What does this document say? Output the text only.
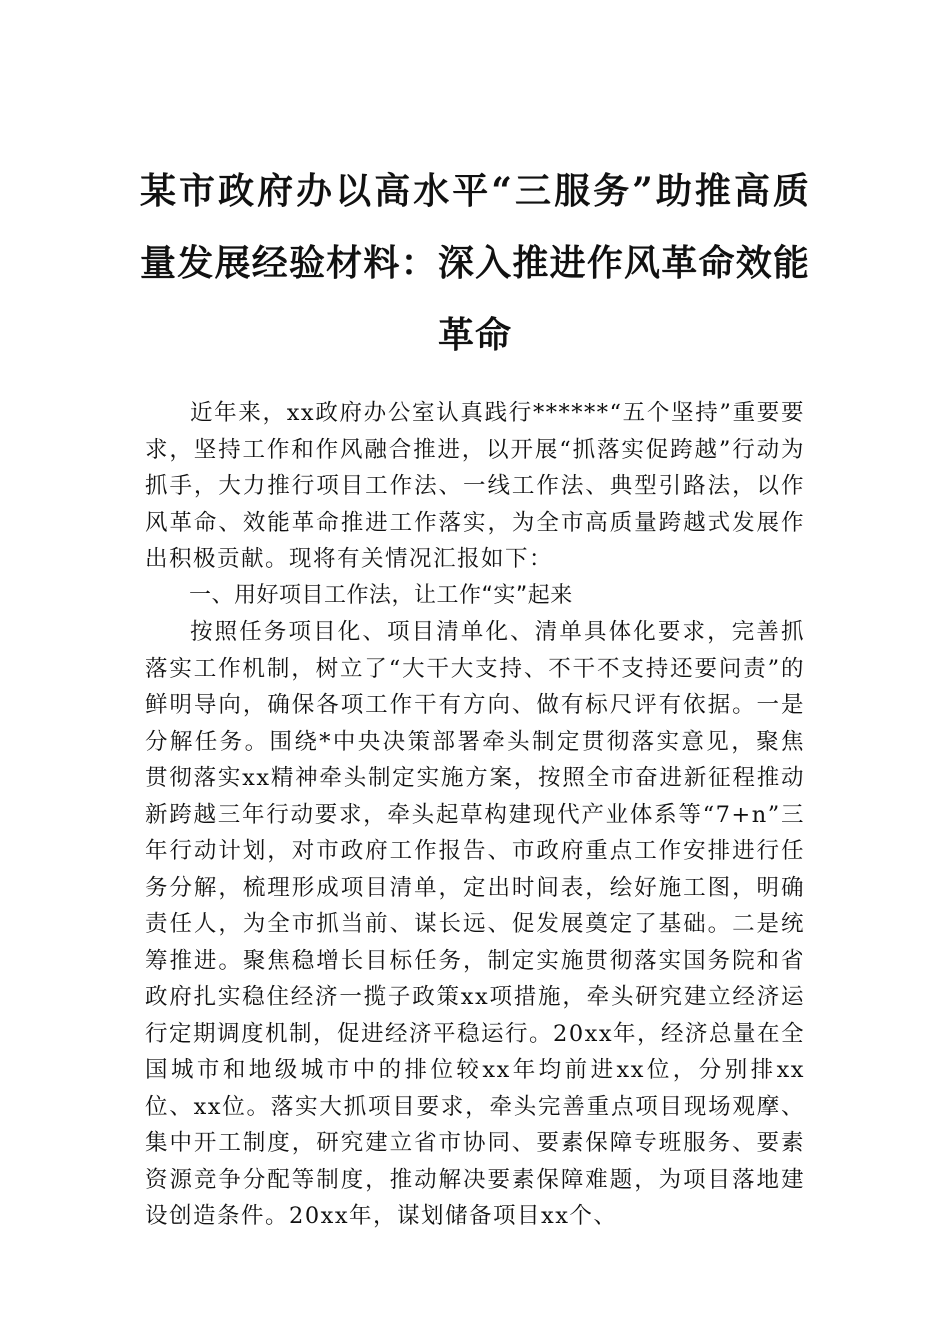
某市政府办以高水平“三服务”助推高质量发展经验材料：深入推进作风革命效能革命

近年来，xx政府办公室认真践行******“五个坚持”重要要求，坚持工作和作风融合推进，以开展“抓落实促跨越”行动为抓手，大力推行项目工作法、一线工作法、典型引路法，以作风革命、效能革命推进工作落实，为全市高质量跨越式发展作出积极贡献。现将有关情况汇报如下：

一、用好项目工作法，让工作“实”起来

按照任务项目化、项目清单化、清单具体化要求，完善抓落实工作机制，树立了“大干大支持、不干不支持还要问责”的鲜明导向，确保各项工作干有方向、做有标尺评有依据。一是分解任务。围绕*中央决策部署牵头制定贯彻落实意见，聚焦贯彻落实xx精神牵头制定实施方案，按照全市奋进新征程推动新跨越三年行动要求，牵头起草构建现代产业体系等“7+n”三年行动计划，对市政府工作报告、市政府重点工作安排进行任务分解，梳理形成项目清单，定出时间表，绘好施工图，明确责任人，为全市抓当前、谋长远、促发展奠定了基础。二是统筹推进。聚焦稳增长目标任务，制定实施贯彻落实国务院和省政府扎实稳住经济一揽子政策xx项措施，牵头研究建立经济运行定期调度机制，促进经济平稳运行。20xx年，经济总量在全国城市和地级城市中的排位较xx年均前进xx位，分别排xx位、xx位。落实大抓项目要求，牵头完善重点项目现场观摩、集中开工制度，研究建立省市协同、要素保障专班服务、要素资源竞争分配等制度，推动解决要素保障难题，为项目落地建设创造条件。20xx年，谋划储备项目xx个、
